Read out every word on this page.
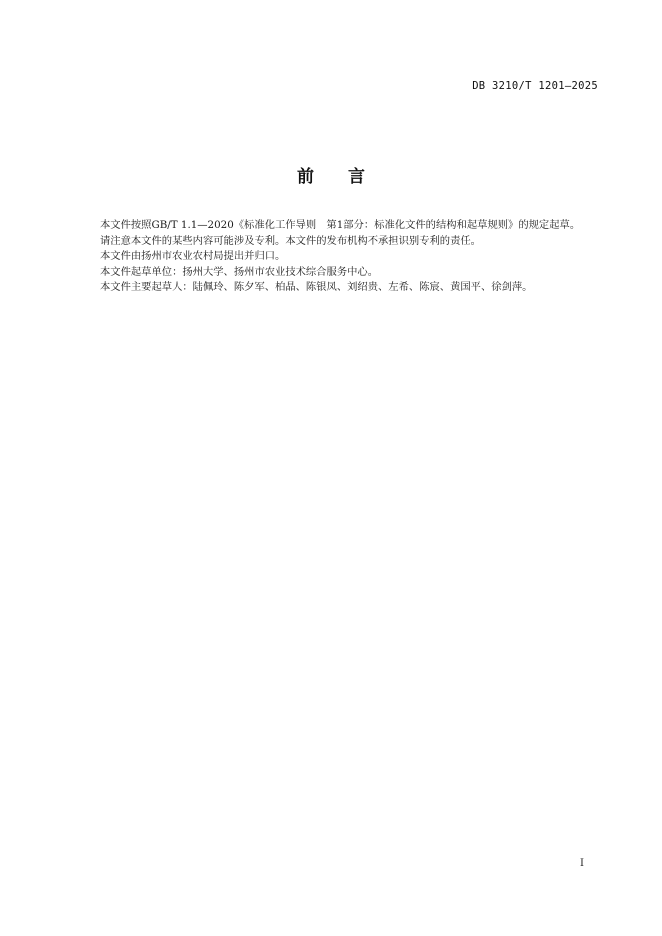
DB 3210/T 1201—2025
前 言

本文件按照GB/T 1.1—2020《标准化工作导则　第1部分：标准化文件的结构和起草规则》的规定起草。

请注意本文件的某些内容可能涉及专利。本文件的发布机构不承担识别专利的责任。

本文件由扬州市农业农村局提出并归口。

本文件起草单位：扬州大学、扬州市农业技术综合服务中心。

本文件主要起草人：陆佩玲、陈夕军、柏晶、陈银凤、刘绍贵、左希、陈宸、黄国平、徐剑萍。

I
